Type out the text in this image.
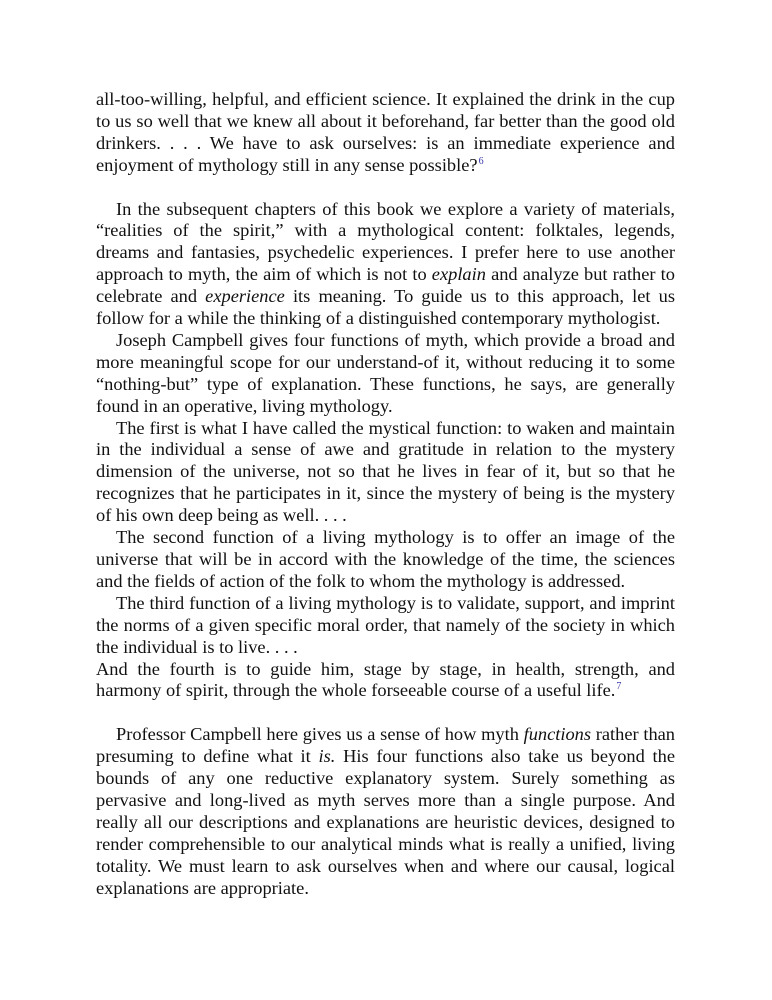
all-too-willing, helpful, and efficient science. It explained the drink in the cup to us so well that we knew all about it beforehand, far better than the good old drinkers. . . . We have to ask ourselves: is an immediate experience and enjoyment of mythology still in any sense possible?$^6$

In the subsequent chapters of this book we explore a variety of materials, “realities of the spirit,” with a mythological content: folktales, legends, dreams and fantasies, psychedelic experiences. I prefer here to use another approach to myth, the aim of which is not to explain and analyze but rather to celebrate and experience its meaning. To guide us to this approach, let us follow for a while the thinking of a distinguished contemporary mythologist.

Joseph Campbell gives four functions of myth, which provide a broad and more meaningful scope for our understand-of it, without reducing it to some “nothing-but” type of explanation. These functions, he says, are generally found in an operative, living mythology.

The first is what I have called the mystical function: to waken and maintain in the individual a sense of awe and gratitude in relation to the mystery dimension of the universe, not so that he lives in fear of it, but so that he recognizes that he participates in it, since the mystery of being is the mystery of his own deep being as well. . . .

The second function of a living mythology is to offer an image of the universe that will be in accord with the knowledge of the time, the sciences and the fields of action of the folk to whom the mythology is addressed.

The third function of a living mythology is to validate, support, and imprint the norms of a given specific moral order, that namely of the society in which the individual is to live. . . .

And the fourth is to guide him, stage by stage, in health, strength, and harmony of spirit, through the whole forseeable course of a useful life.$^7$

Professor Campbell here gives us a sense of how myth functions rather than presuming to define what it is. His four functions also take us beyond the bounds of any one reductive explanatory system. Surely something as pervasive and long-lived as myth serves more than a single purpose. And really all our descriptions and explanations are heuristic devices, designed to render comprehensible to our analytical minds what is really a unified, living totality. We must learn to ask ourselves when and where our causal, logical explanations are appropriate.
